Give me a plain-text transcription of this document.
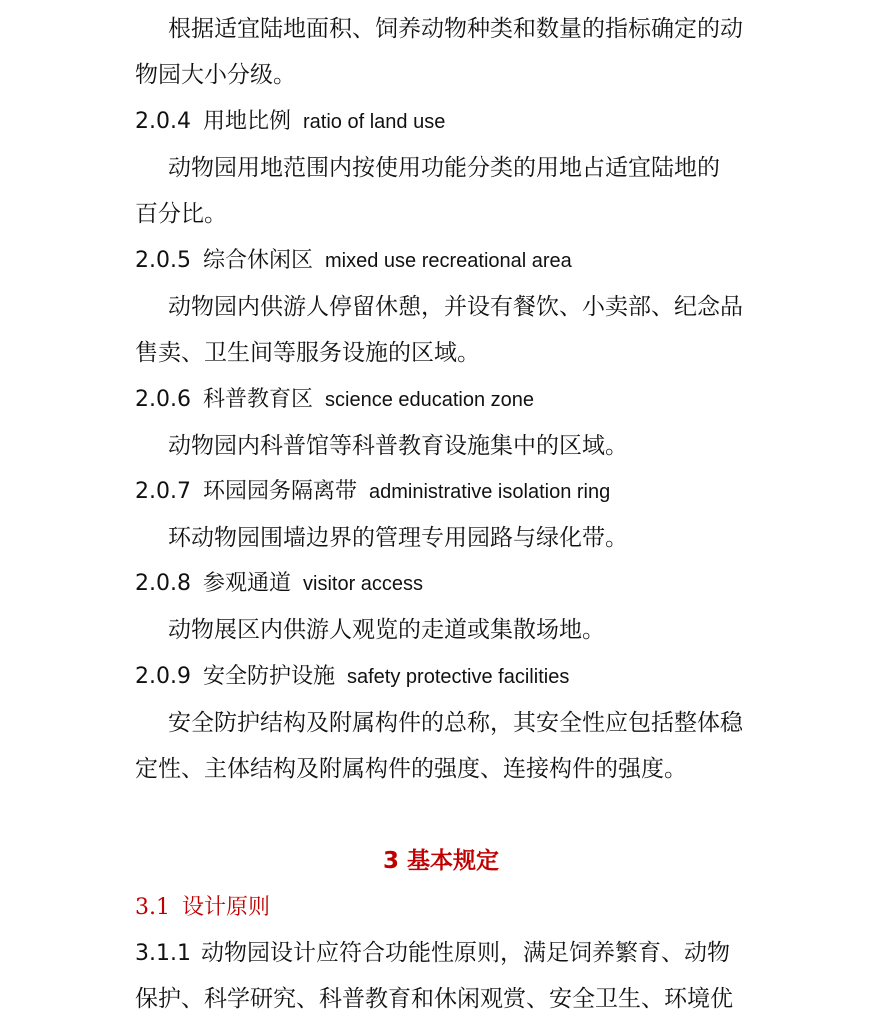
根据适宜陆地面积、饲养动物种类和数量的指标确定的动
物园大小分级。
2.0.4 用地比例 ratio of land use
动物园用地范围内按使用功能分类的用地占适宜陆地的
百分比。
2.0.5 综合休闲区 mixed use recreational area
动物园内供游人停留休憩，并设有餐饮、小卖部、纪念品
售卖、卫生间等服务设施的区域。
2.0.6 科普教育区 science education zone
动物园内科普馆等科普教育设施集中的区域。
2.0.7 环园园务隔离带 administrative isolation ring
环动物园围墙边界的管理专用园路与绿化带。
2.0.8 参观通道 visitor access
动物展区内供游人观览的走道或集散场地。
2.0.9 安全防护设施 safety protective facilities
安全防护结构及附属构件的总称，其安全性应包括整体稳
定性、主体结构及附属构件的强度、连接构件的强度。
3 基本规定
3.1 设计原则
3.1.1 动物园设计应符合功能性原则，满足饲养繁育、动物
保护、科学研究、科普教育和休闲观赏、安全卫生、环境优
